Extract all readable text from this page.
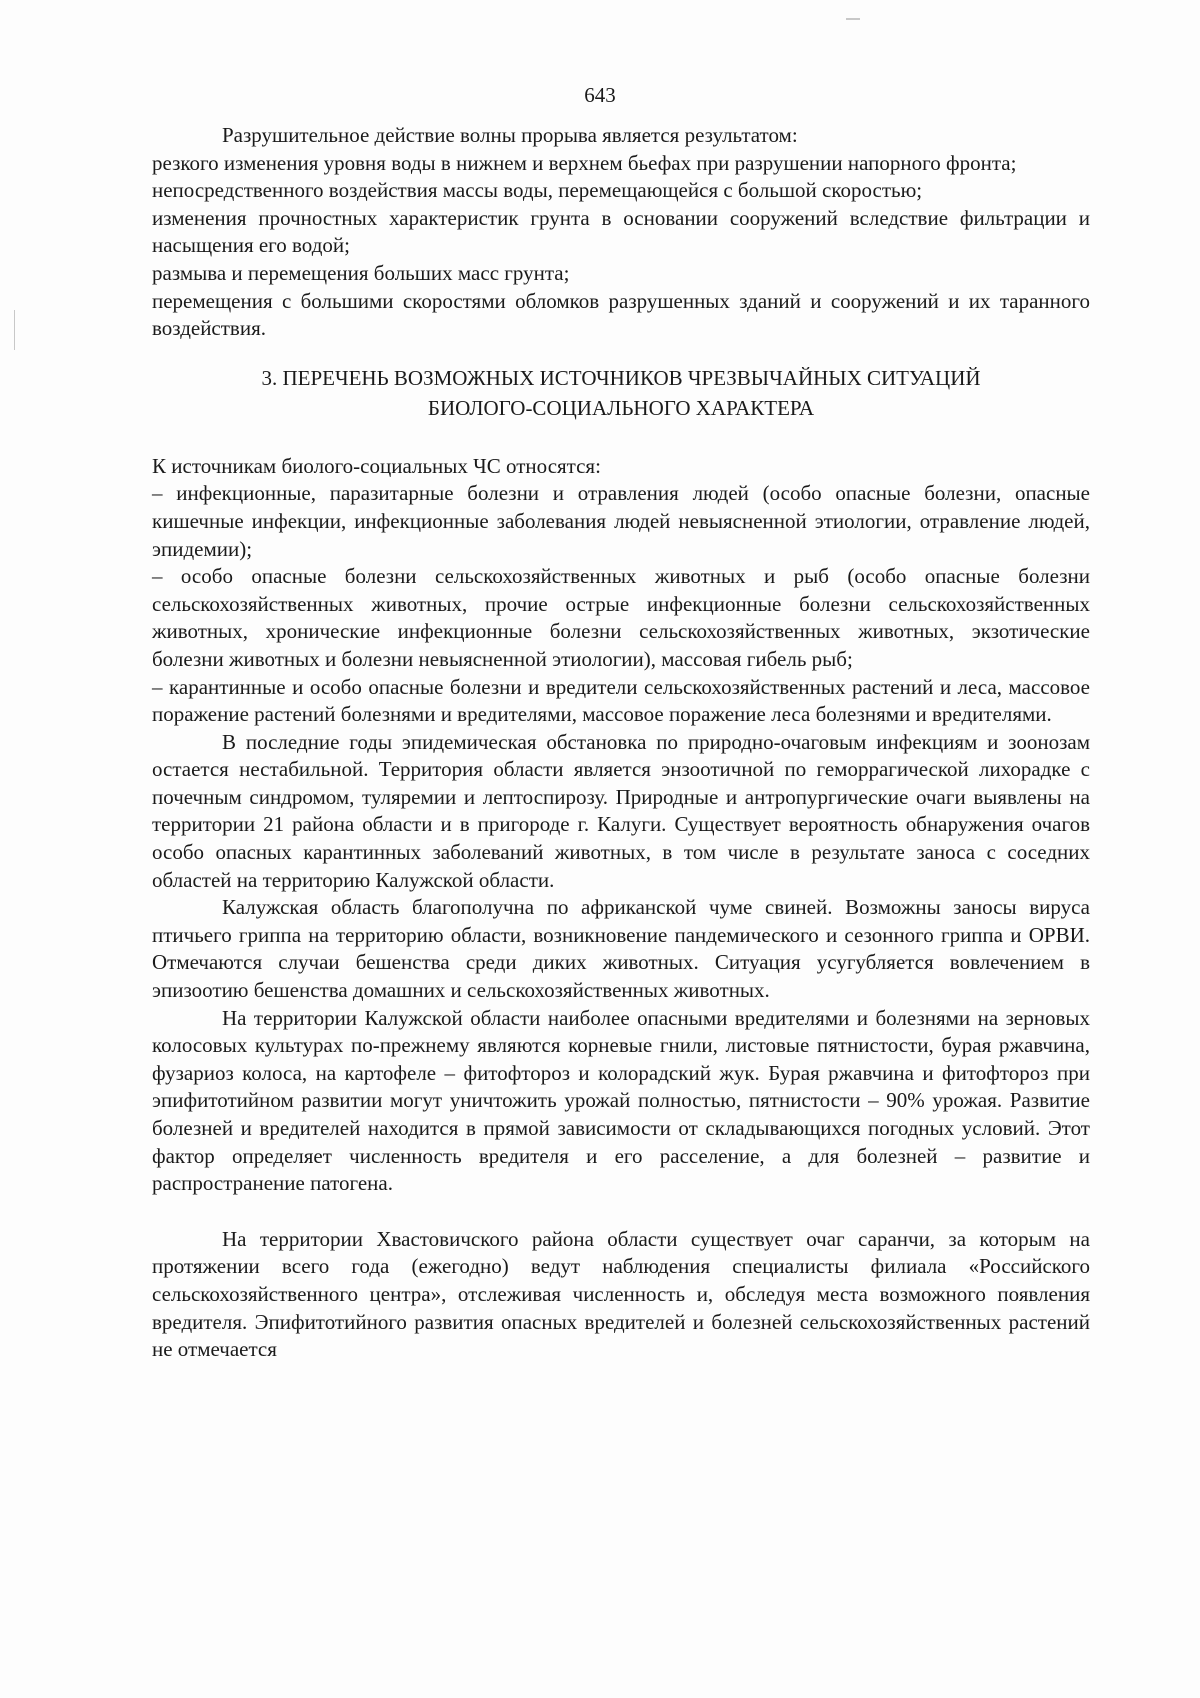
643

Разрушительное действие волны прорыва является результатом:

резкого изменения уровня воды в нижнем и верхнем бьефах при разрушении напорного фронта;

непосредственного воздействия массы воды, перемещающейся с большой скоростью;

изменения прочностных характеристик грунта в основании сооружений вследствие фильтрации и насыщения его водой;

размыва и перемещения больших масс грунта;

перемещения с большими скоростями обломков разрушенных зданий и сооружений и их таранного воздействия.

3. ПЕРЕЧЕНЬ ВОЗМОЖНЫХ ИСТОЧНИКОВ ЧРЕЗВЫЧАЙНЫХ СИТУАЦИЙ
БИОЛОГО-СОЦИАЛЬНОГО ХАРАКТЕРА

К источникам биолого-социальных ЧС относятся:

– инфекционные, паразитарные болезни и отравления людей (особо опасные болезни, опасные кишечные инфекции, инфекционные заболевания людей невыясненной этиологии, отравление людей, эпидемии);

– особо опасные болезни сельскохозяйственных животных и рыб (особо опасные болезни сельскохозяйственных животных, прочие острые инфекционные болезни сельскохозяйственных животных, хронические инфекционные болезни сельскохозяйственных животных, экзотические болезни животных и болезни невыясненной этиологии), массовая гибель рыб;

– карантинные и особо опасные болезни и вредители сельскохозяйственных растений и леса, массовое поражение растений болезнями и вредителями, массовое поражение леса болезнями и вредителями.

В последние годы эпидемическая обстановка по природно-очаговым инфекциям и зоонозам остается нестабильной. Территория области является энзоотичной по геморрагической лихорадке с почечным синдромом, туляремии и лептоспирозу. Природные и антропургические очаги выявлены на территории 21 района области и в пригороде г. Калуги. Существует вероятность обнаружения очагов особо опасных карантинных заболеваний животных, в том числе в результате заноса с соседних областей на территорию Калужской области.

Калужская область благополучна по африканской чуме свиней. Возможны заносы вируса птичьего гриппа на территорию области, возникновение пандемического и сезонного гриппа и ОРВИ. Отмечаются случаи бешенства среди диких животных. Ситуация усугубляется вовлечением в эпизоотию бешенства домашних и сельскохозяйственных животных.

На территории Калужской области наиболее опасными вредителями и болезнями на зерновых колосовых культурах по-прежнему являются корневые гнили, листовые пятнистости, бурая ржавчина, фузариоз колоса, на картофеле – фитофтороз и колорадский жук. Бурая ржавчина и фитофтороз при эпифитотийном развитии могут уничтожить урожай полностью, пятнистости – 90% урожая. Развитие болезней и вредителей находится в прямой зависимости от складывающихся погодных условий. Этот фактор определяет численность вредителя и его расселение, а для болезней – развитие и распространение патогена.

На территории Хвастовичского района области существует очаг саранчи, за которым на протяжении всего года (ежегодно) ведут наблюдения специалисты филиала «Российского сельскохозяйственного центра», отслеживая численность и, обследуя места возможного появления вредителя. Эпифитотийного развития опасных вредителей и болезней сельскохозяйственных растений не отмечается
